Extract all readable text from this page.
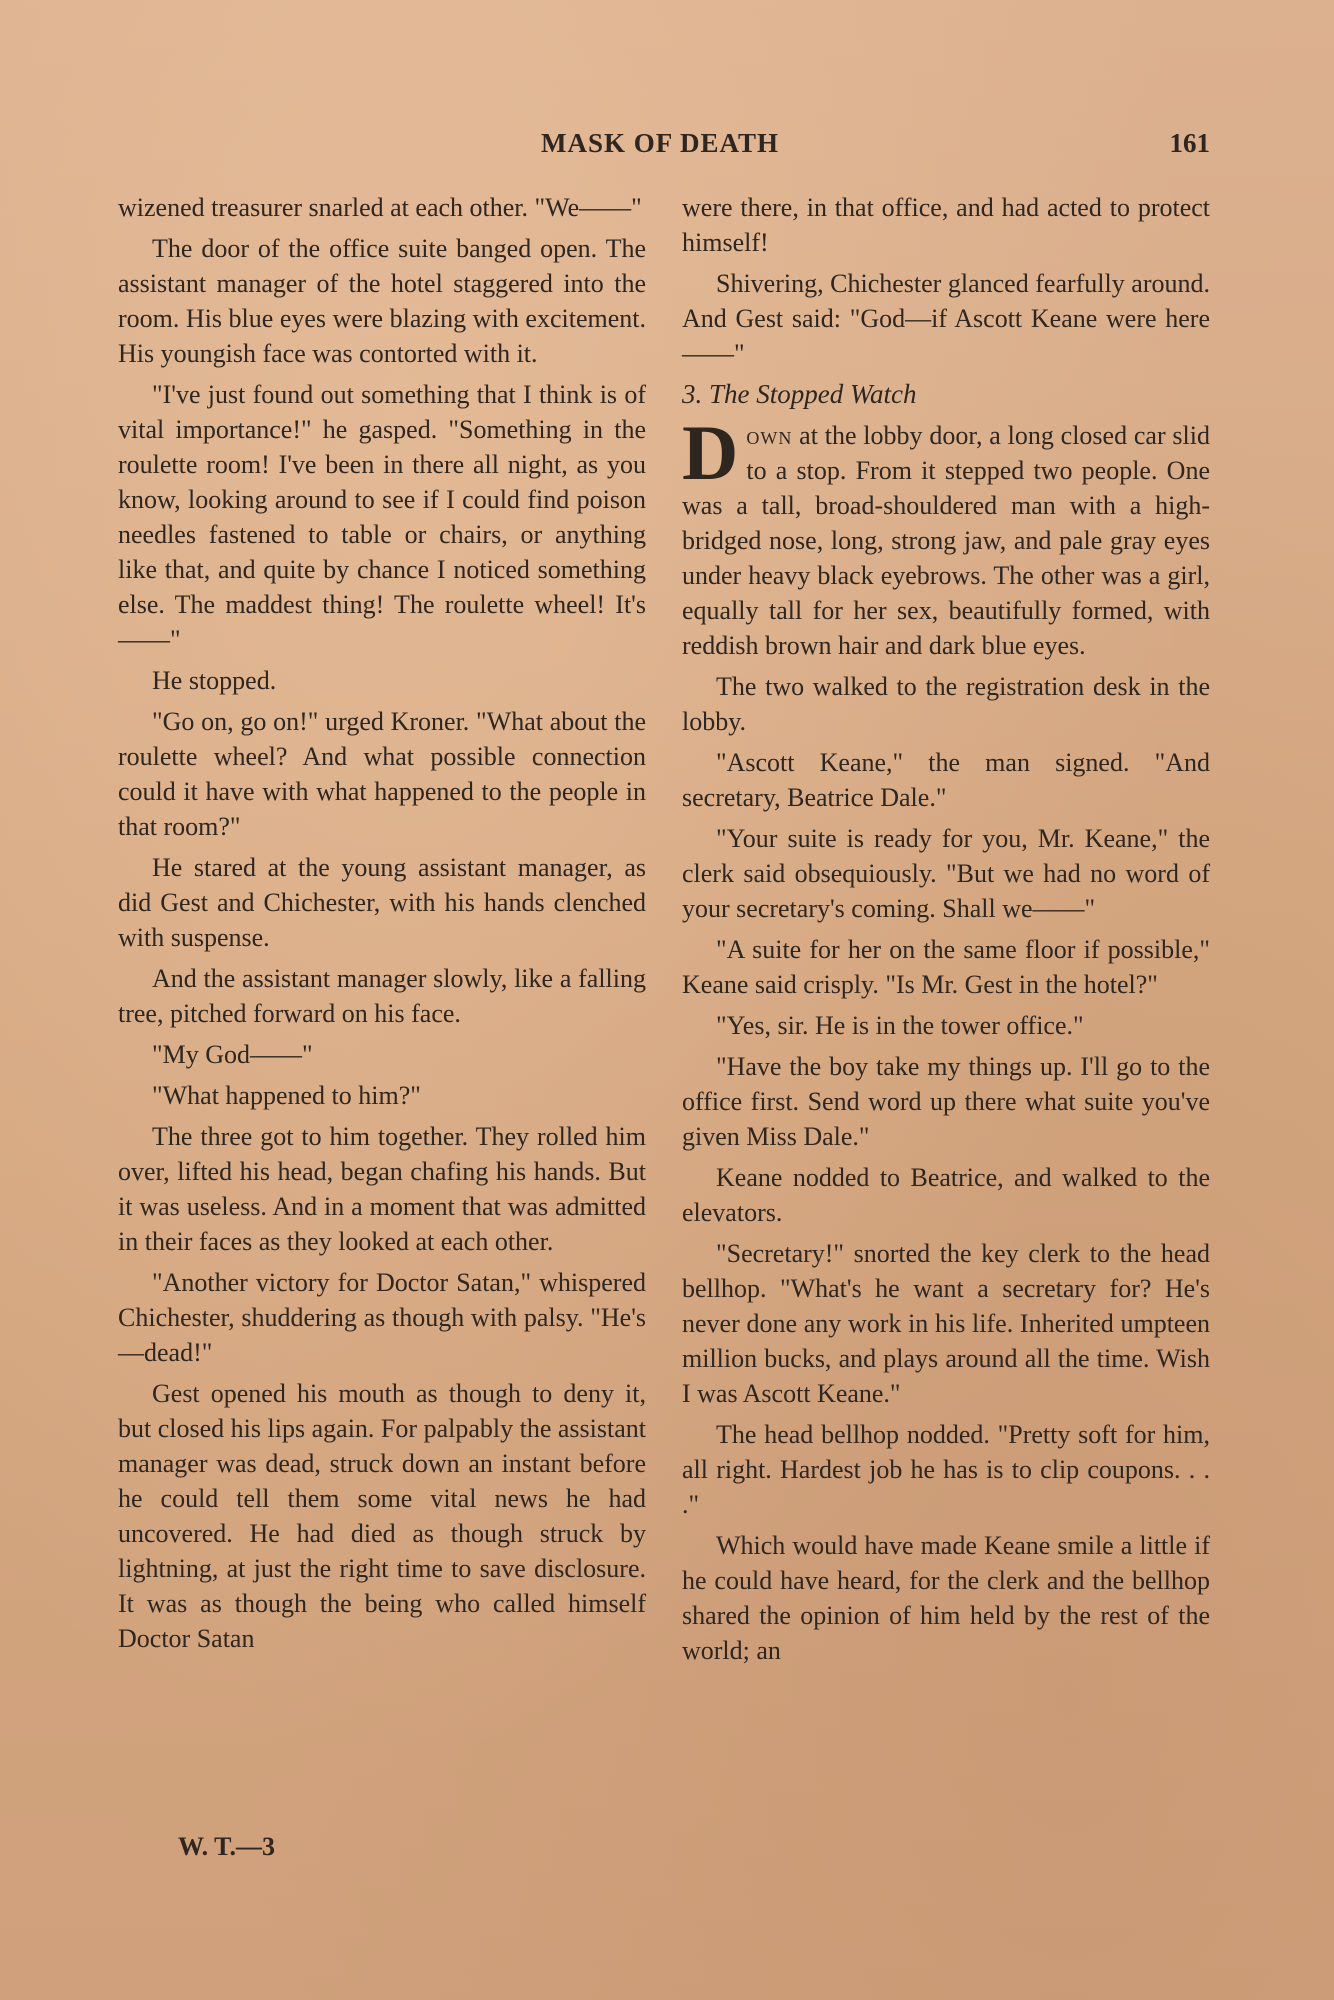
MASK OF DEATH	161

wizened treasurer snarled at each other. "We——"

The door of the office suite banged open. The assistant manager of the hotel staggered into the room. His blue eyes were blazing with excitement. His youngish face was contorted with it.

"I've just found out something that I think is of vital importance!" he gasped. "Something in the roulette room! I've been in there all night, as you know, looking around to see if I could find poison needles fastened to table or chairs, or anything like that, and quite by chance I noticed something else. The maddest thing! The roulette wheel! It's——"

He stopped.

"Go on, go on!" urged Kroner. "What about the roulette wheel? And what possible connection could it have with what happened to the people in that room?"

He stared at the young assistant manager, as did Gest and Chichester, with his hands clenched with suspense.

And the assistant manager slowly, like a falling tree, pitched forward on his face.

"My God——"

"What happened to him?"

The three got to him together. They rolled him over, lifted his head, began chafing his hands. But it was useless. And in a moment that was admitted in their faces as they looked at each other.

"Another victory for Doctor Satan," whispered Chichester, shuddering as though with palsy. "He's—dead!"

Gest opened his mouth as though to deny it, but closed his lips again. For palpably the assistant manager was dead, struck down an instant before he could tell them some vital news he had uncovered. He had died as though struck by lightning, at just the right time to save disclosure. It was as though the being who called himself Doctor Satan

W. T.—3

were there, in that office, and had acted to protect himself!

Shivering, Chichester glanced fearfully around. And Gest said: "God—if Ascott Keane were here——"

3. The Stopped Watch

Down at the lobby door, a long closed car slid to a stop. From it stepped two people. One was a tall, broad-shouldered man with a high-bridged nose, long, strong jaw, and pale gray eyes under heavy black eyebrows. The other was a girl, equally tall for her sex, beautifully formed, with reddish brown hair and dark blue eyes.

The two walked to the registration desk in the lobby.

"Ascott Keane," the man signed. "And secretary, Beatrice Dale."

"Your suite is ready for you, Mr. Keane," the clerk said obsequiously. "But we had no word of your secretary's coming. Shall we——"

"A suite for her on the same floor if possible," Keane said crisply. "Is Mr. Gest in the hotel?"

"Yes, sir. He is in the tower office."

"Have the boy take my things up. I'll go to the office first. Send word up there what suite you've given Miss Dale."

Keane nodded to Beatrice, and walked to the elevators.

"Secretary!" snorted the key clerk to the head bellhop. "What's he want a secretary for? He's never done any work in his life. Inherited umpteen million bucks, and plays around all the time. Wish I was Ascott Keane."

The head bellhop nodded. "Pretty soft for him, all right. Hardest job he has is to clip coupons. . . ."

Which would have made Keane smile a little if he could have heard, for the clerk and the bellhop shared the opinion of him held by the rest of the world; an
